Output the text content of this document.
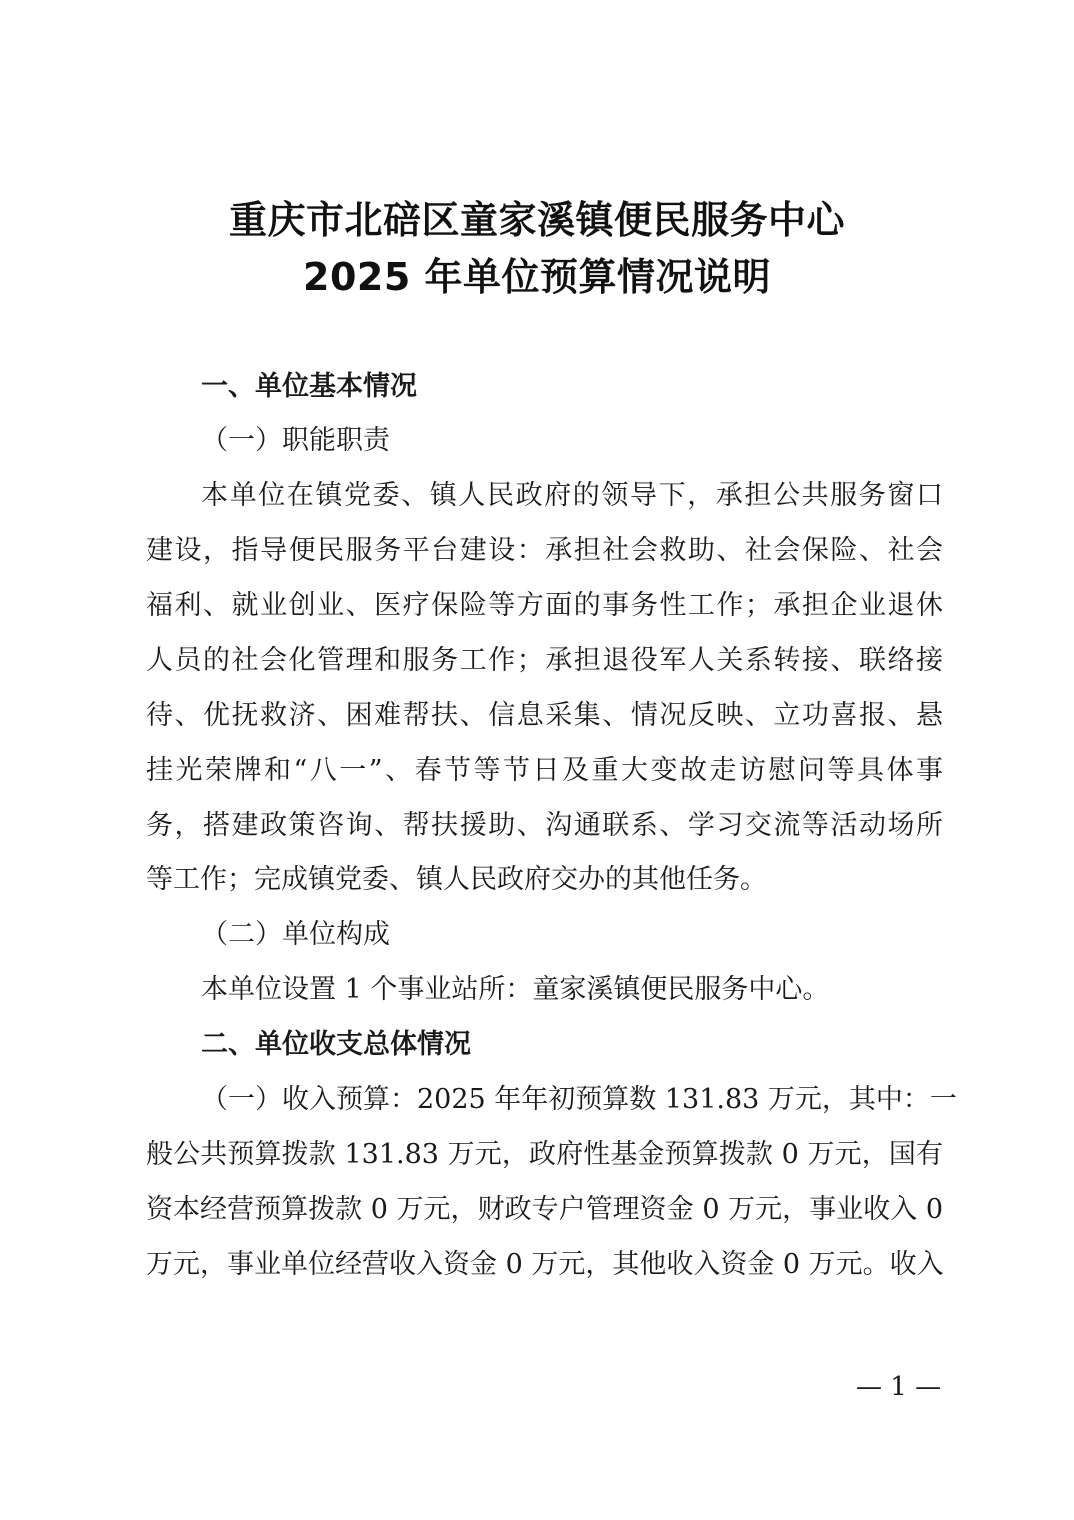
重庆市北碚区童家溪镇便民服务中心
2025 年单位预算情况说明
一、单位基本情况
（一）职能职责
本单位在镇党委、镇人民政府的领导下，承担公共服务窗口
建设，指导便民服务平台建设：承担社会救助、社会保险、社会
福利、就业创业、医疗保险等方面的事务性工作；承担企业退休
人员的社会化管理和服务工作；承担退役军人关系转接、联络接
待、优抚救济、困难帮扶、信息采集、情况反映、立功喜报、悬
挂光荣牌和“八一”、春节等节日及重大变故走访慰问等具体事
务，搭建政策咨询、帮扶援助、沟通联系、学习交流等活动场所
等工作；完成镇党委、镇人民政府交办的其他任务。
（二）单位构成
本单位设置 1 个事业站所：童家溪镇便民服务中心。
二、单位收支总体情况
（一）收入预算：2025 年年初预算数 131.83 万元，其中：一
般公共预算拨款 131.83 万元，政府性基金预算拨款 0 万元，国有
资本经营预算拨款 0 万元，财政专户管理资金 0 万元，事业收入 0
万元，事业单位经营收入资金 0 万元，其他收入资金 0 万元。收入
— 1 —
